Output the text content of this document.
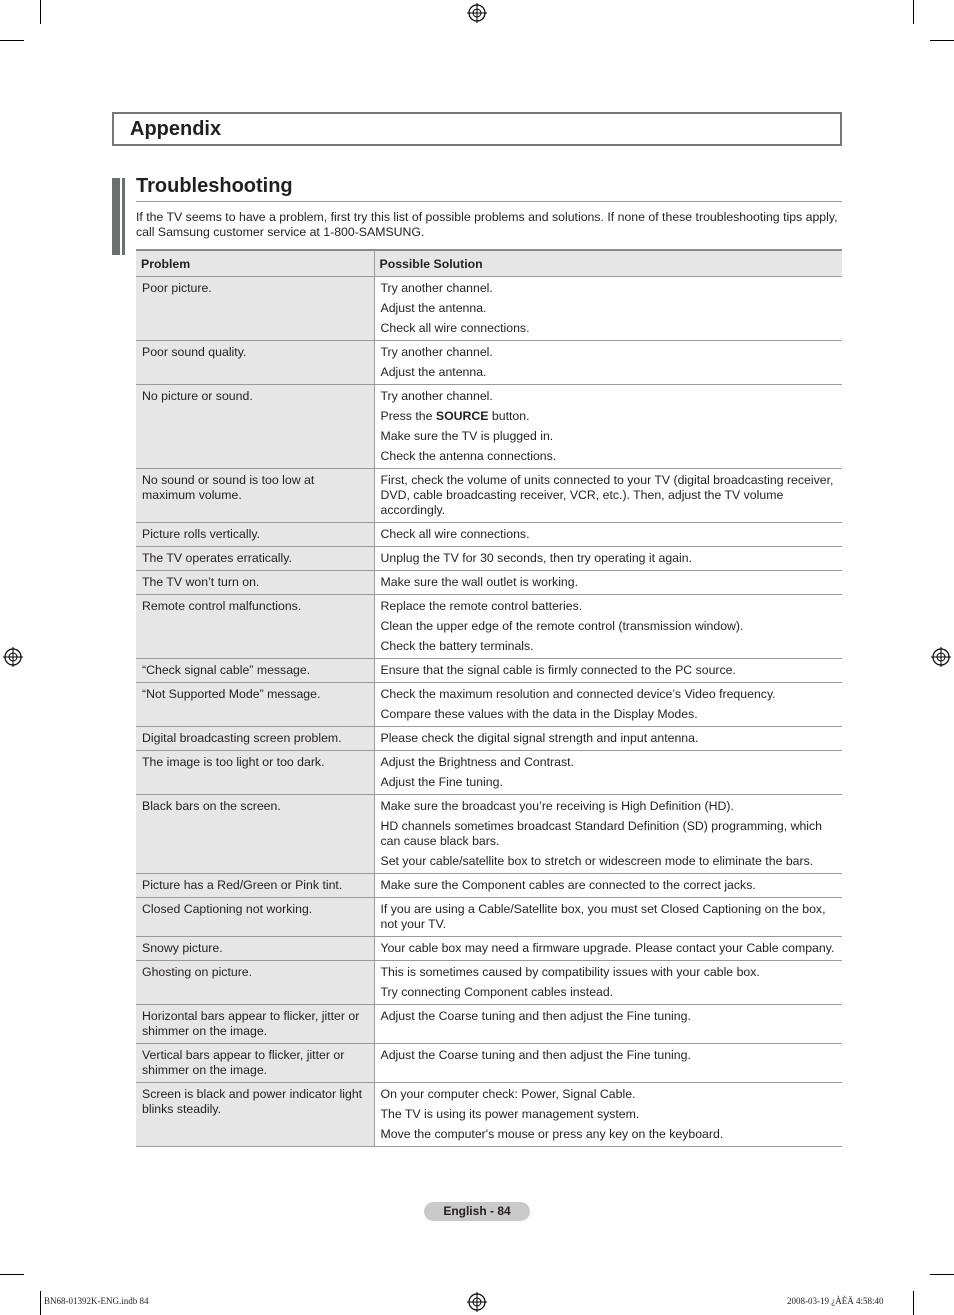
Appendix
Troubleshooting
If the TV seems to have a problem, first try this list of possible problems and solutions. If none of these troubleshooting tips apply, call Samsung customer service at 1-800-SAMSUNG.
Problem	Possible Solution
Poor picture.	Try another channel.
Adjust the antenna.
Check all wire connections.

Poor sound quality.	Try another channel.
Adjust the antenna.

No picture or sound.	Try another channel.
Press the SOURCE button.
Make sure the TV is plugged in.
Check the antenna connections.

No sound or sound is too low at maximum volume.	First, check the volume of units connected to your TV (digital broadcasting receiver, DVD, cable broadcasting receiver, VCR, etc.). Then, adjust the TV volume accordingly.

Picture rolls vertically.	Check all wire connections.

The TV operates erratically.	Unplug the TV for 30 seconds, then try operating it again.

The TV won’t turn on.	Make sure the wall outlet is working.

Remote control malfunctions.	Replace the remote control batteries.
Clean the upper edge of the remote control (transmission window).
Check the battery terminals.

“Check signal cable” message.	Ensure that the signal cable is firmly connected to the PC source.

“Not Supported Mode” message.	Check the maximum resolution and connected device’s Video frequency.
Compare these values with the data in the Display Modes.

Digital broadcasting screen problem.	Please check the digital signal strength and input antenna.

The image is too light or too dark.	Adjust the Brightness and Contrast.
Adjust the Fine tuning.

Black bars on the screen.	Make sure the broadcast you’re receiving is High Definition (HD).
HD channels sometimes broadcast Standard Definition (SD) programming, which can cause black bars.
Set your cable/satellite box to stretch or widescreen mode to eliminate the bars.

Picture has a Red/Green or Pink tint.	Make sure the Component cables are connected to the correct jacks.

Closed Captioning not working.	If you are using a Cable/Satellite box, you must set Closed Captioning on the box, not your TV.

Snowy picture.	Your cable box may need a firmware upgrade. Please contact your Cable company.

Ghosting on picture.	This is sometimes caused by compatibility issues with your cable box.
Try connecting Component cables instead.

Horizontal bars appear to flicker, jitter or shimmer on the image.	Adjust the Coarse tuning and then adjust the Fine tuning.

Vertical bars appear to flicker, jitter or shimmer on the image.	Adjust the Coarse tuning and then adjust the Fine tuning.

Screen is black and power indicator light blinks steadily.	On your computer check: Power, Signal Cable.
The TV is using its power management system.
Move the computer's mouse or press any key on the keyboard.
English - 84
BN68-01392K-ENG.indb 84	2008-03-19 ¿ÀÈÄ 4:58:40
